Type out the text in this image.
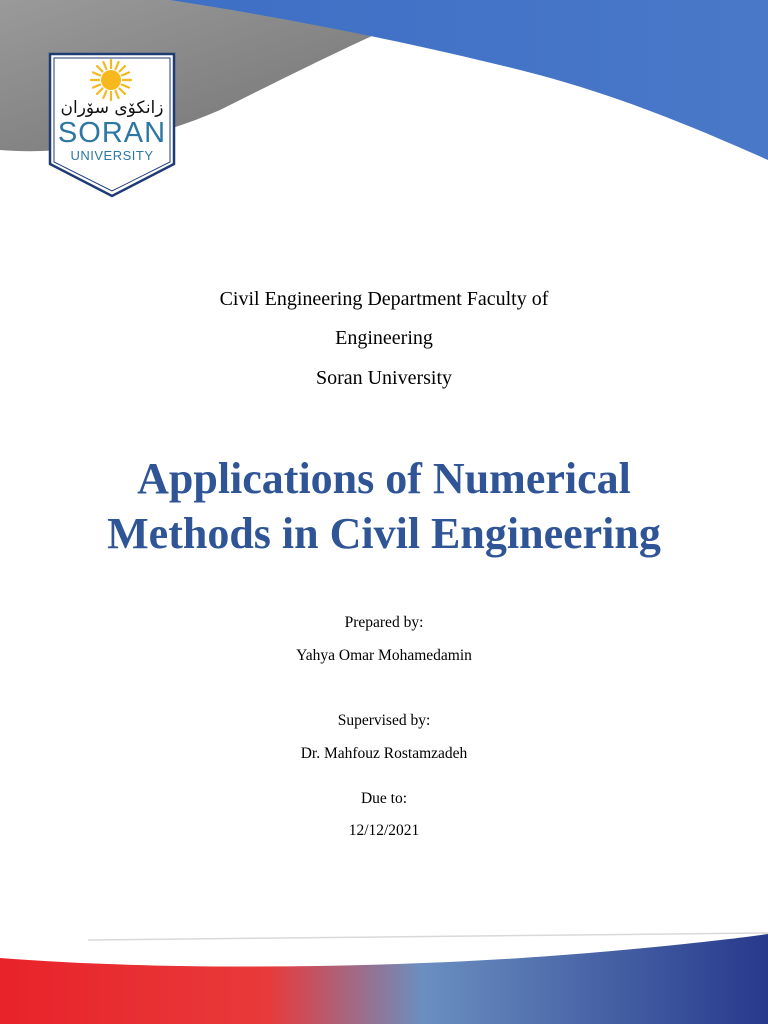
زانكۆی سۆران
SORAN
UNIVERSITY
Civil Engineering Department Faculty of
Engineering
Soran University
Applications of Numerical
Methods in Civil Engineering
Prepared by:
Yahya Omar Mohamedamin
Supervised by:
Dr. Mahfouz Rostamzadeh
Due to:
12/12/2021
